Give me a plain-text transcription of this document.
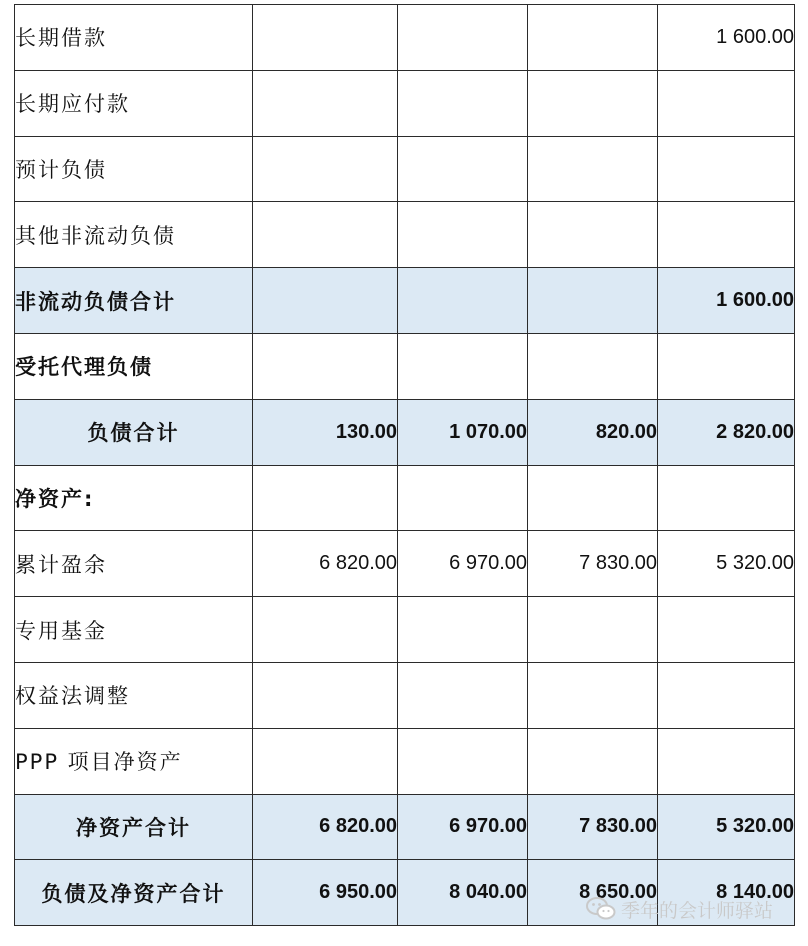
长期借款				1 600.00
长期应付款				
预计负债				
其他非流动负债				
非流动负债合计				1 600.00
受托代理负债				
负债合计	130.00	1 070.00	820.00	2 820.00
净资产:				
累计盈余	6 820.00	6 970.00	7 830.00	5 320.00
专用基金				
权益法调整				
PPP 项目净资产				
净资产合计	6 820.00	6 970.00	7 830.00	5 320.00
负债及净资产合计	6 950.00	8 040.00	8 650.00	8 140.00
季年的会计师驿站
